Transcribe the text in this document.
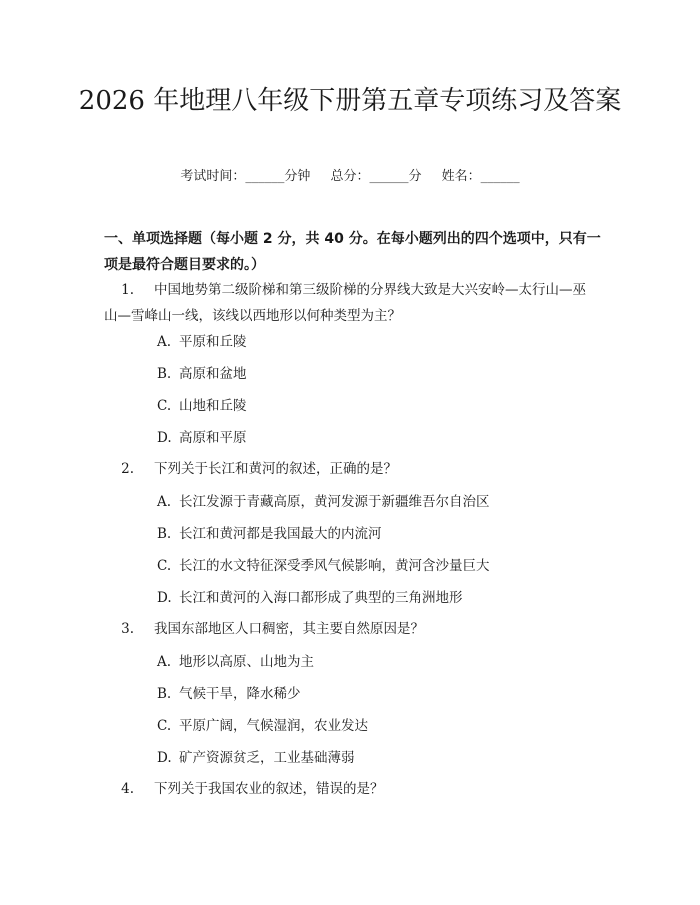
2026 年地理八年级下册第五章专项练习及答案
考试时间：______分钟 总分：______分 姓名：______
一、单项选择题（每小题 2 分，共 40 分。在每小题列出的四个选项中，只有一项是最符合题目要求的。）
1. 中国地势第二级阶梯和第三级阶梯的分界线大致是大兴安岭—太行山—巫
山—雪峰山一线，该线以西地形以何种类型为主？
A. 平原和丘陵
B. 高原和盆地
C. 山地和丘陵
D. 高原和平原
2. 下列关于长江和黄河的叙述，正确的是？
A. 长江发源于青藏高原，黄河发源于新疆维吾尔自治区
B. 长江和黄河都是我国最大的内流河
C. 长江的水文特征深受季风气候影响，黄河含沙量巨大
D. 长江和黄河的入海口都形成了典型的三角洲地形
3. 我国东部地区人口稠密，其主要自然原因是？
A. 地形以高原、山地为主
B. 气候干旱，降水稀少
C. 平原广阔，气候湿润，农业发达
D. 矿产资源贫乏，工业基础薄弱
4. 下列关于我国农业的叙述，错误的是？
